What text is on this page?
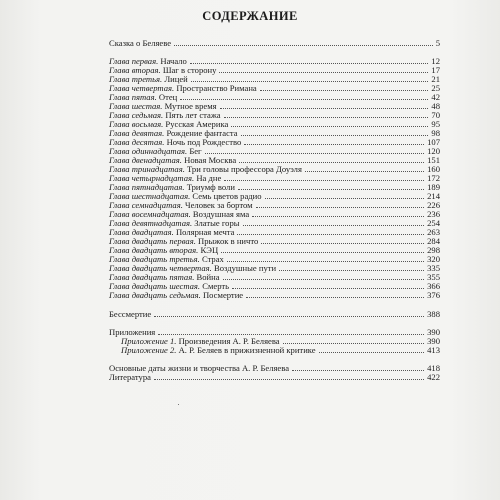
СОДЕРЖАНИЕ
Сказка о Беляеве	5
Глава первая. Начало	12
Глава вторая. Шаг в сторону	17
Глава третья. Лицей	21
Глава четвертая. Пространство Римана	25
Глава пятая. Отец	42
Глава шестая. Мутное время	48
Глава седьмая. Пять лет стажа	70
Глава восьмая. Русская Америка	95
Глава девятая. Рождение фантаста	98
Глава десятая. Ночь под Рождество	107
Глава одиннадцатая. Бег	120
Глава двенадцатая. Новая Москва	151
Глава тринадцатая. Три головы профессора Доуэля	160
Глава четырнадцатая. На дне	172
Глава пятнадцатая. Триумф воли	189
Глава шестнадцатая. Семь цветов радио	214
Глава семнадцатая. Человек за бортом	226
Глава восемнадцатая. Воздушная яма	236
Глава девятнадцатая. Златые горы	254
Глава двадцатая. Полярная мечта	263
Глава двадцать первая. Прыжок в ничто	284
Глава двадцать вторая. КЭЦ	298
Глава двадцать третья. Страх	320
Глава двадцать четвертая. Воздушные пути	335
Глава двадцать пятая. Война	355
Глава двадцать шестая. Смерть	366
Глава двадцать седьмая. Посмертие	376
Бессмертие	388
Приложения	390
Приложение 1. Произведения А. Р. Беляева	390
Приложение 2. А. Р. Беляев в прижизненной критике	413
Основные даты жизни и творчества А. Р. Беляева	418
Литература	422
